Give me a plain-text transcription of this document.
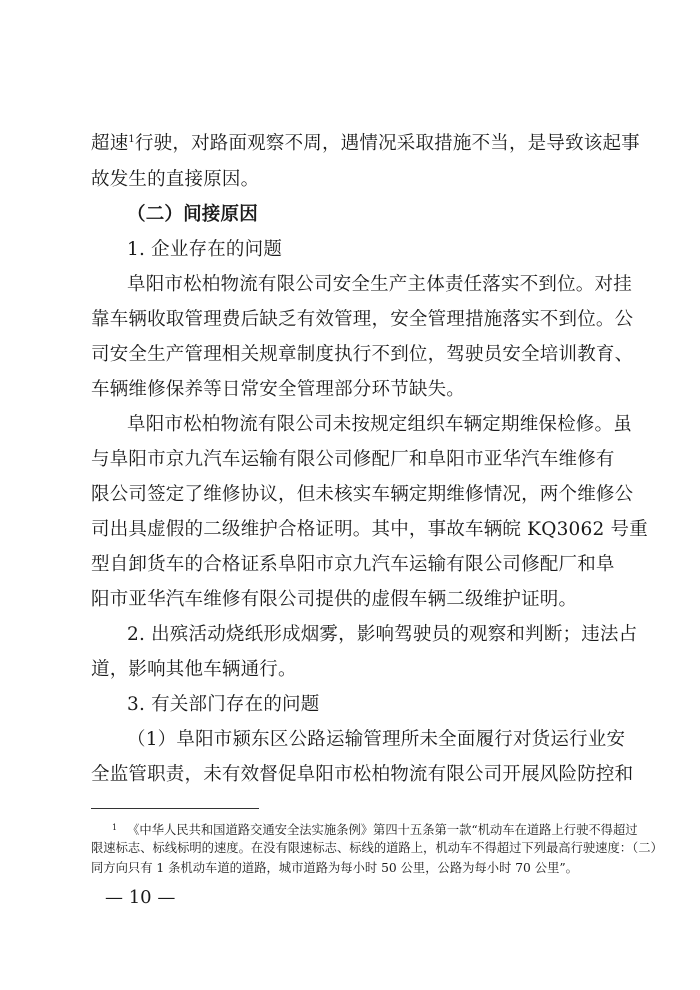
超速$^1$行驶，对路面观察不周，遇情况采取措施不当，是导致该起事
故发生的直接原因。
（二）间接原因
1. 企业存在的问题
阜阳市松柏物流有限公司安全生产主体责任落实不到位。对挂
靠车辆收取管理费后缺乏有效管理，安全管理措施落实不到位。公
司安全生产管理相关规章制度执行不到位，驾驶员安全培训教育、
车辆维修保养等日常安全管理部分环节缺失。
阜阳市松柏物流有限公司未按规定组织车辆定期维保检修。虽
与阜阳市京九汽车运输有限公司修配厂和阜阳市亚华汽车维修有
限公司签定了维修协议，但未核实车辆定期维修情况，两个维修公
司出具虚假的二级维护合格证明。其中，事故车辆皖 KQ3062 号重
型自卸货车的合格证系阜阳市京九汽车运输有限公司修配厂和阜
阳市亚华汽车维修有限公司提供的虚假车辆二级维护证明。
2. 出殡活动烧纸形成烟雾，影响驾驶员的观察和判断；违法占
道，影响其他车辆通行。
3. 有关部门存在的问题
（1）阜阳市颍东区公路运输管理所未全面履行对货运行业安
全监管职责，未有效督促阜阳市松柏物流有限公司开展风险防控和
$^1$ 《中华人民共和国道路交通安全法实施条例》第四十五条第一款“机动车在道路上行驶不得超过
限速标志、标线标明的速度。在没有限速标志、标线的道路上，机动车不得超过下列最高行驶速度：（二）
同方向只有 1 条机动车道的道路，城市道路为每小时 50 公里，公路为每小时 70 公里”。
— 10 —
